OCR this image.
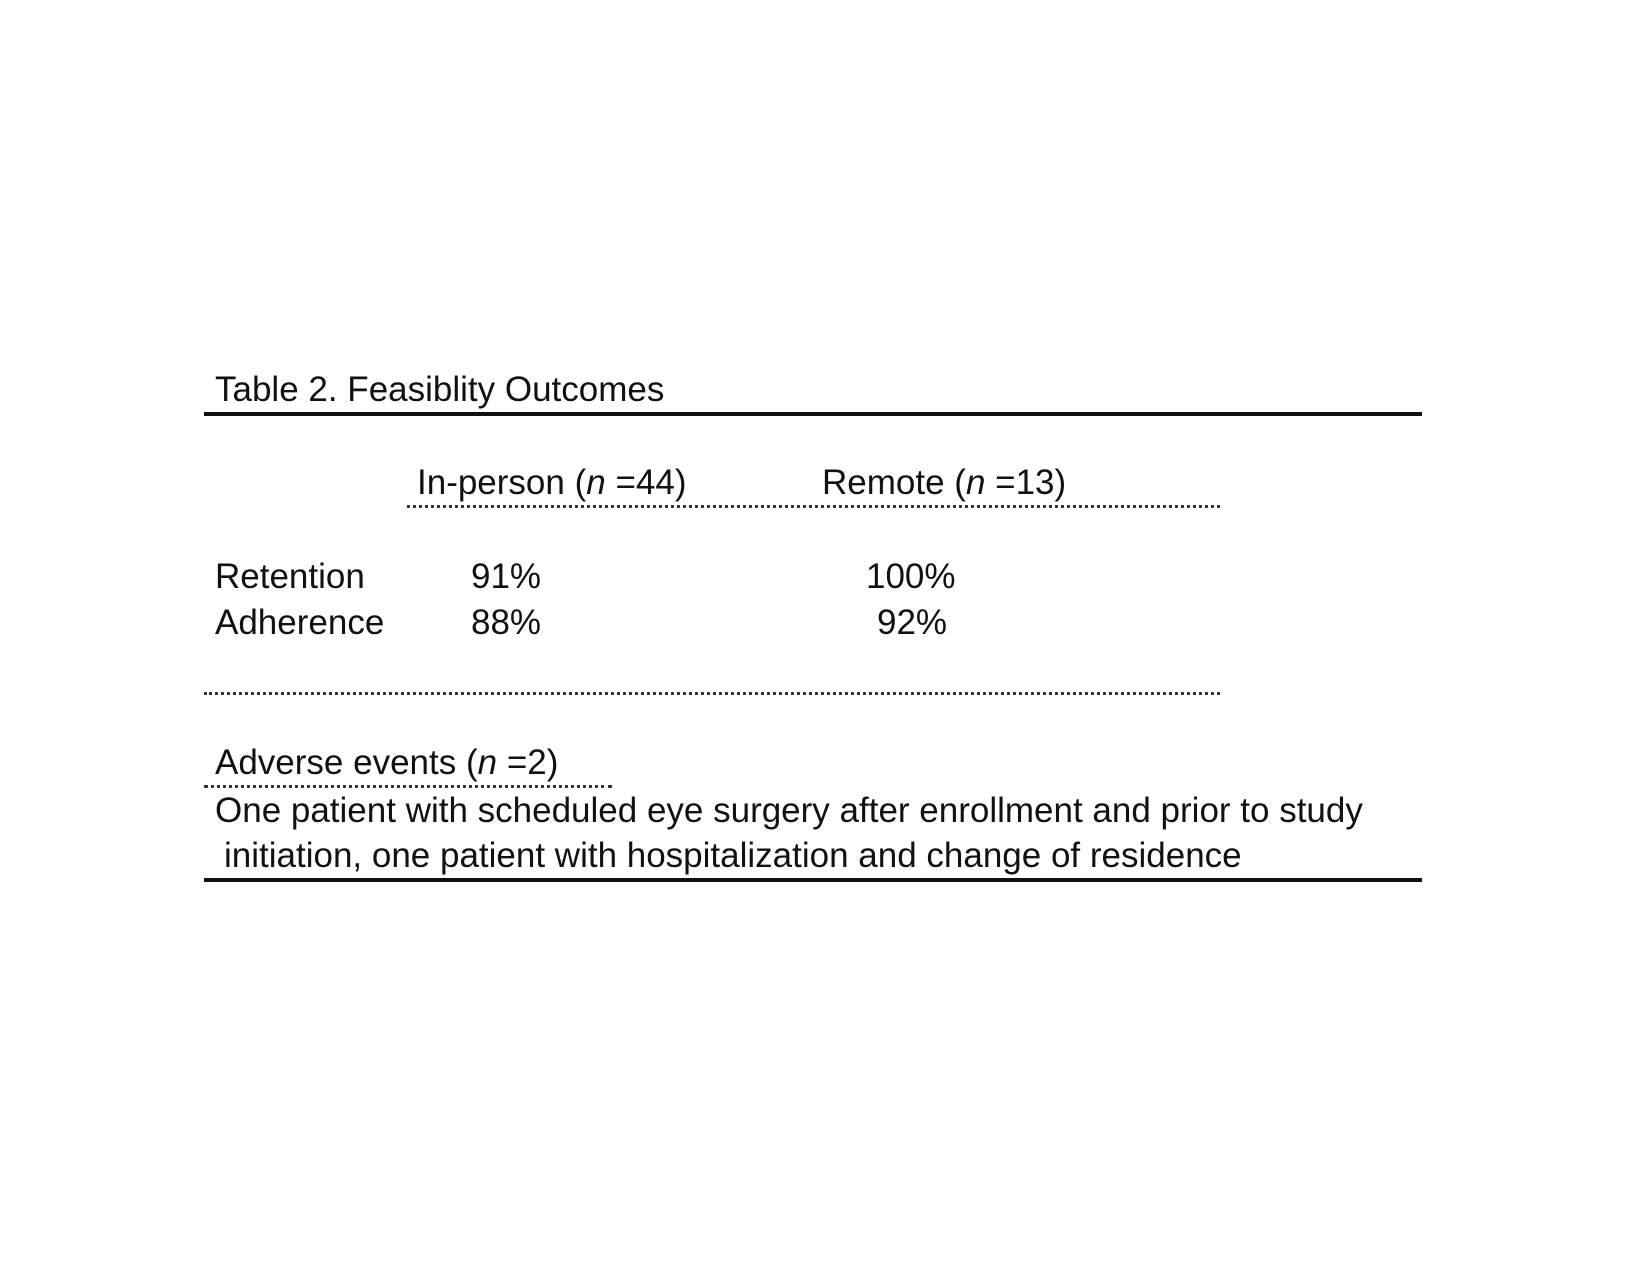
Table 2. Feasiblity Outcomes
In-person (n =44)	Remote (n =13)
Retention	91%	100%
Adherence 88%	92%
Adverse events (n =2)
One patient with scheduled eye surgery after enrollment and prior to study
initiation, one patient with hospitalization and change of residence
